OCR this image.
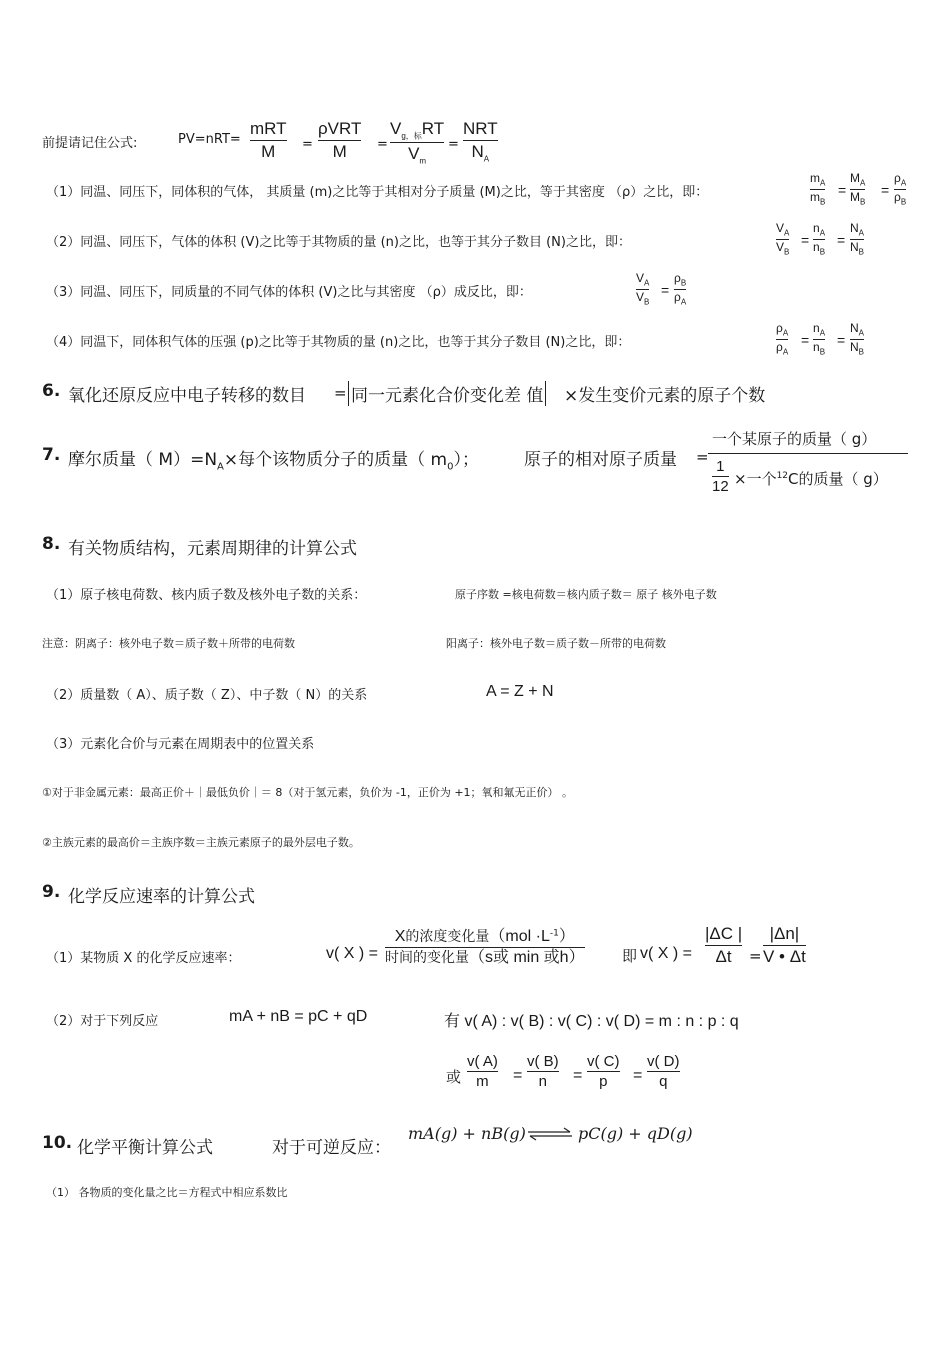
前提请记住公式:	PV=nRT=
mRT
M =
ρVRT
M =
$V_{g,标}RT$
$V_m$
=
NRT
$N_A$
（1）同温、同压下，同体积的气体， 其质量 (m)之比等于其相对分子质量 (M)之比，等于其密度 （ρ）之比，即：
（2）同温、同压下，气体的体积 (V)之比等于其物质的量 (n)之比，也等于其分子数目 (N)之比，即：
（3）同温、同压下，同质量的不同气体的体积 (V)之比与其密度 （ρ）成反比，即：
（4）同温下，同体积气体的压强 (p)之比等于其物质的量 (n)之比，也等于其分子数目 (N)之比，即：
$m_A$
$m_B$
=
$M_A$
$M_B$
=
$\rho_A$
$\rho_B$
$V_A$
$V_B$
=
$n_A$
$n_B$
=
$N_A$
$N_B$
$V_A$
$V_B$
=
$\rho_B$
$\rho_A$
$\rho_A$
$\rho_A$
=
$n_A$
$n_B$
=
$N_A$
$N_B$
6. 氧化还原反应中电子转移的数目 = 同一元素化合价变化差 值 ×发生变价元素的原子个数
7. 摩尔质量（ $M)=N_A\times$每个该物质分子的质量（ $m_0$）；	原子的相对原子质量 =
一个某原子的质量（ g）
1
12 ×一个$^{12}$C的质量（ g）
8. 有关物质结构，元素周期律的计算公式
（1）原子核电荷数、核内质子数及核外电子数的关系：	原子序数 =核电荷数＝核内质子数＝ 原子 核外电子数
注意：阴离子：核外电子数＝质子数＋所带的电荷数	阳离子：核外电子数＝质子数－所带的电荷数
（2）质量数（ A）、质子数（ Z）、中子数（ N）的关系	A = Z + N
（3）元素化合价与元素在周期表中的位置关系
①对于非金属元素：最高正价＋｜最低负价｜＝ 8（对于氢元素，负价为 -1，正价为 +1；氧和氟无正价） 。
②主族元素的最高价＝主族序数＝主族元素原子的最外层电子数。
9. 化学反应速率的计算公式
（1）某物质 X 的化学反应速率：	v( X ) =
X的浓度变化量$(mol \cdot L^{-1})$
时间的变化量（s或 min 或h） 即 v( X ) =
|ΔC |
Δt =
|Δn|
V • Δt
（2）对于下列反应	mA + nB = pC + qD	有 v( A) : v( B) : v( C) : v( D) = m : n : p : q
或
v( A)
m =
v( B)
n =
v( C)
p =
v( D)
q
10. 化学平衡计算公式	对于可逆反应：
mA(g) + nB(g) ⇌ pC(g) + qD(g)
（1） 各物质的变化量之比＝方程式中相应系数比
